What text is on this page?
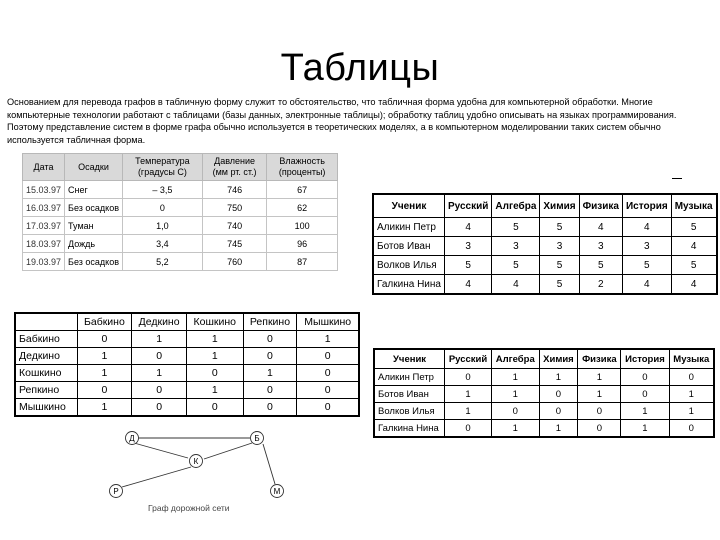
Таблицы

Основанием для перевода графов в табличную форму служит то обстоятельство, что табличная форма удобна для компьютерной обработки. Многие компьютерные технологии работают с таблицами (базы данных, электронные таблицы); обработку таблиц удобно описывать на языках программирования. Поэтому представление систем в форме графа обычно используется в теоретических моделях, а в компьютерном моделировании таких систем обычно используется табличная форма.

Дата	Осадки	Температура (градусы С)	Давление (мм рт. ст.)	Влажность (проценты)
15.03.97	Снег	– 3,5	746	67
16.03.97	Без осадков	0	750	62
17.03.97	Туман	1,0	740	100
18.03.97	Дождь	3,4	745	96
19.03.97	Без осадков	5,2	760	87
Ученик	Русский	Алгебра	Химия	Физика	История	Музыка
Аликин Петр	4	5	5	4	4	5
Ботов Иван	3	3	3	3	3	4
Волков Илья	5	5	5	5	5	5
Галкина Нина	4	4	5	2	4	4
	Бабкино	Дедкино	Кошкино	Репкино	Мышкино
Бабкино	0	1	1	0	1
Дедкино	1	0	1	0	0
Кошкино	1	1	0	1	0
Репкино	0	0	1	0	0
Мышкино	1	0	0	0	0
Ученик	Русский	Алгебра	Химия	Физика	История	Музыка
Аликин Петр	0	1	1	1	0	0
Ботов Иван	1	1	0	1	0	1
Волков Илья	1	0	0	0	1	1
Галкина Нина	0	1	1	0	1	0
Д	Б
К
Р	М
Граф дорожной сети
